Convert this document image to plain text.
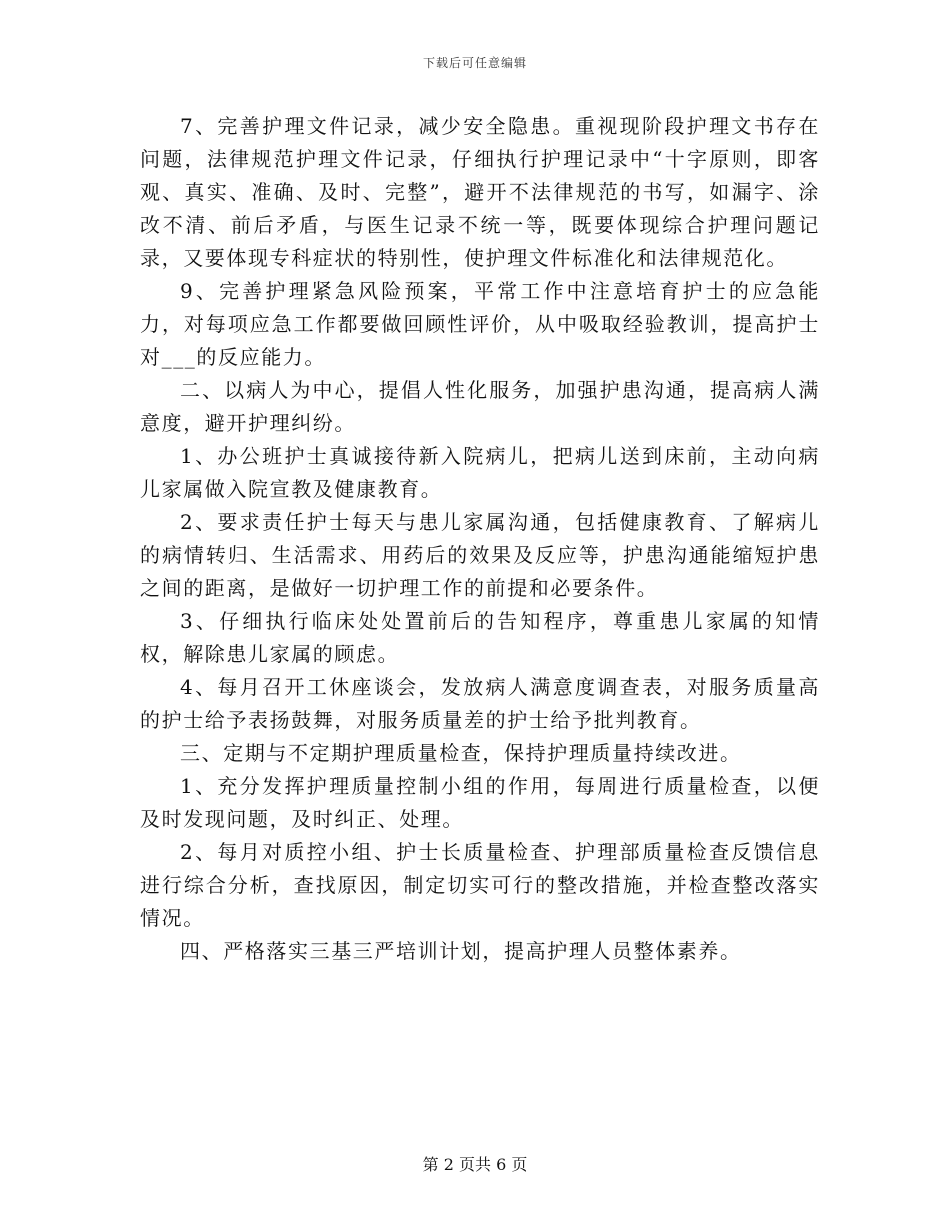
下载后可任意编辑

7、完善护理文件记录，减少安全隐患。重视现阶段护理文书存在问题，法律规范护理文件记录，仔细执行护理记录中“十字原则，即客观、真实、准确、及时、完整”，避开不法律规范的书写，如漏字、涂改不清、前后矛盾，与医生记录不统一等，既要体现综合护理问题记录，又要体现专科症状的特别性，使护理文件标准化和法律规范化。

9、完善护理紧急风险预案，平常工作中注意培育护士的应急能力，对每项应急工作都要做回顾性评价，从中吸取经验教训，提高护士对___的反应能力。

二、以病人为中心，提倡人性化服务，加强护患沟通，提高病人满意度，避开护理纠纷。

1、办公班护士真诚接待新入院病儿，把病儿送到床前，主动向病儿家属做入院宣教及健康教育。

2、要求责任护士每天与患儿家属沟通，包括健康教育、了解病儿的病情转归、生活需求、用药后的效果及反应等，护患沟通能缩短护患之间的距离，是做好一切护理工作的前提和必要条件。

3、仔细执行临床处处置前后的告知程序，尊重患儿家属的知情权，解除患儿家属的顾虑。

4、每月召开工休座谈会，发放病人满意度调查表，对服务质量高的护士给予表扬鼓舞，对服务质量差的护士给予批判教育。

三、定期与不定期护理质量检查，保持护理质量持续改进。

1、充分发挥护理质量控制小组的作用，每周进行质量检查，以便及时发现问题，及时纠正、处理。

2、每月对质控小组、护士长质量检查、护理部质量检查反馈信息进行综合分析，查找原因，制定切实可行的整改措施，并检查整改落实情况。

四、严格落实三基三严培训计划，提高护理人员整体素养。

第 2 页共 6 页
